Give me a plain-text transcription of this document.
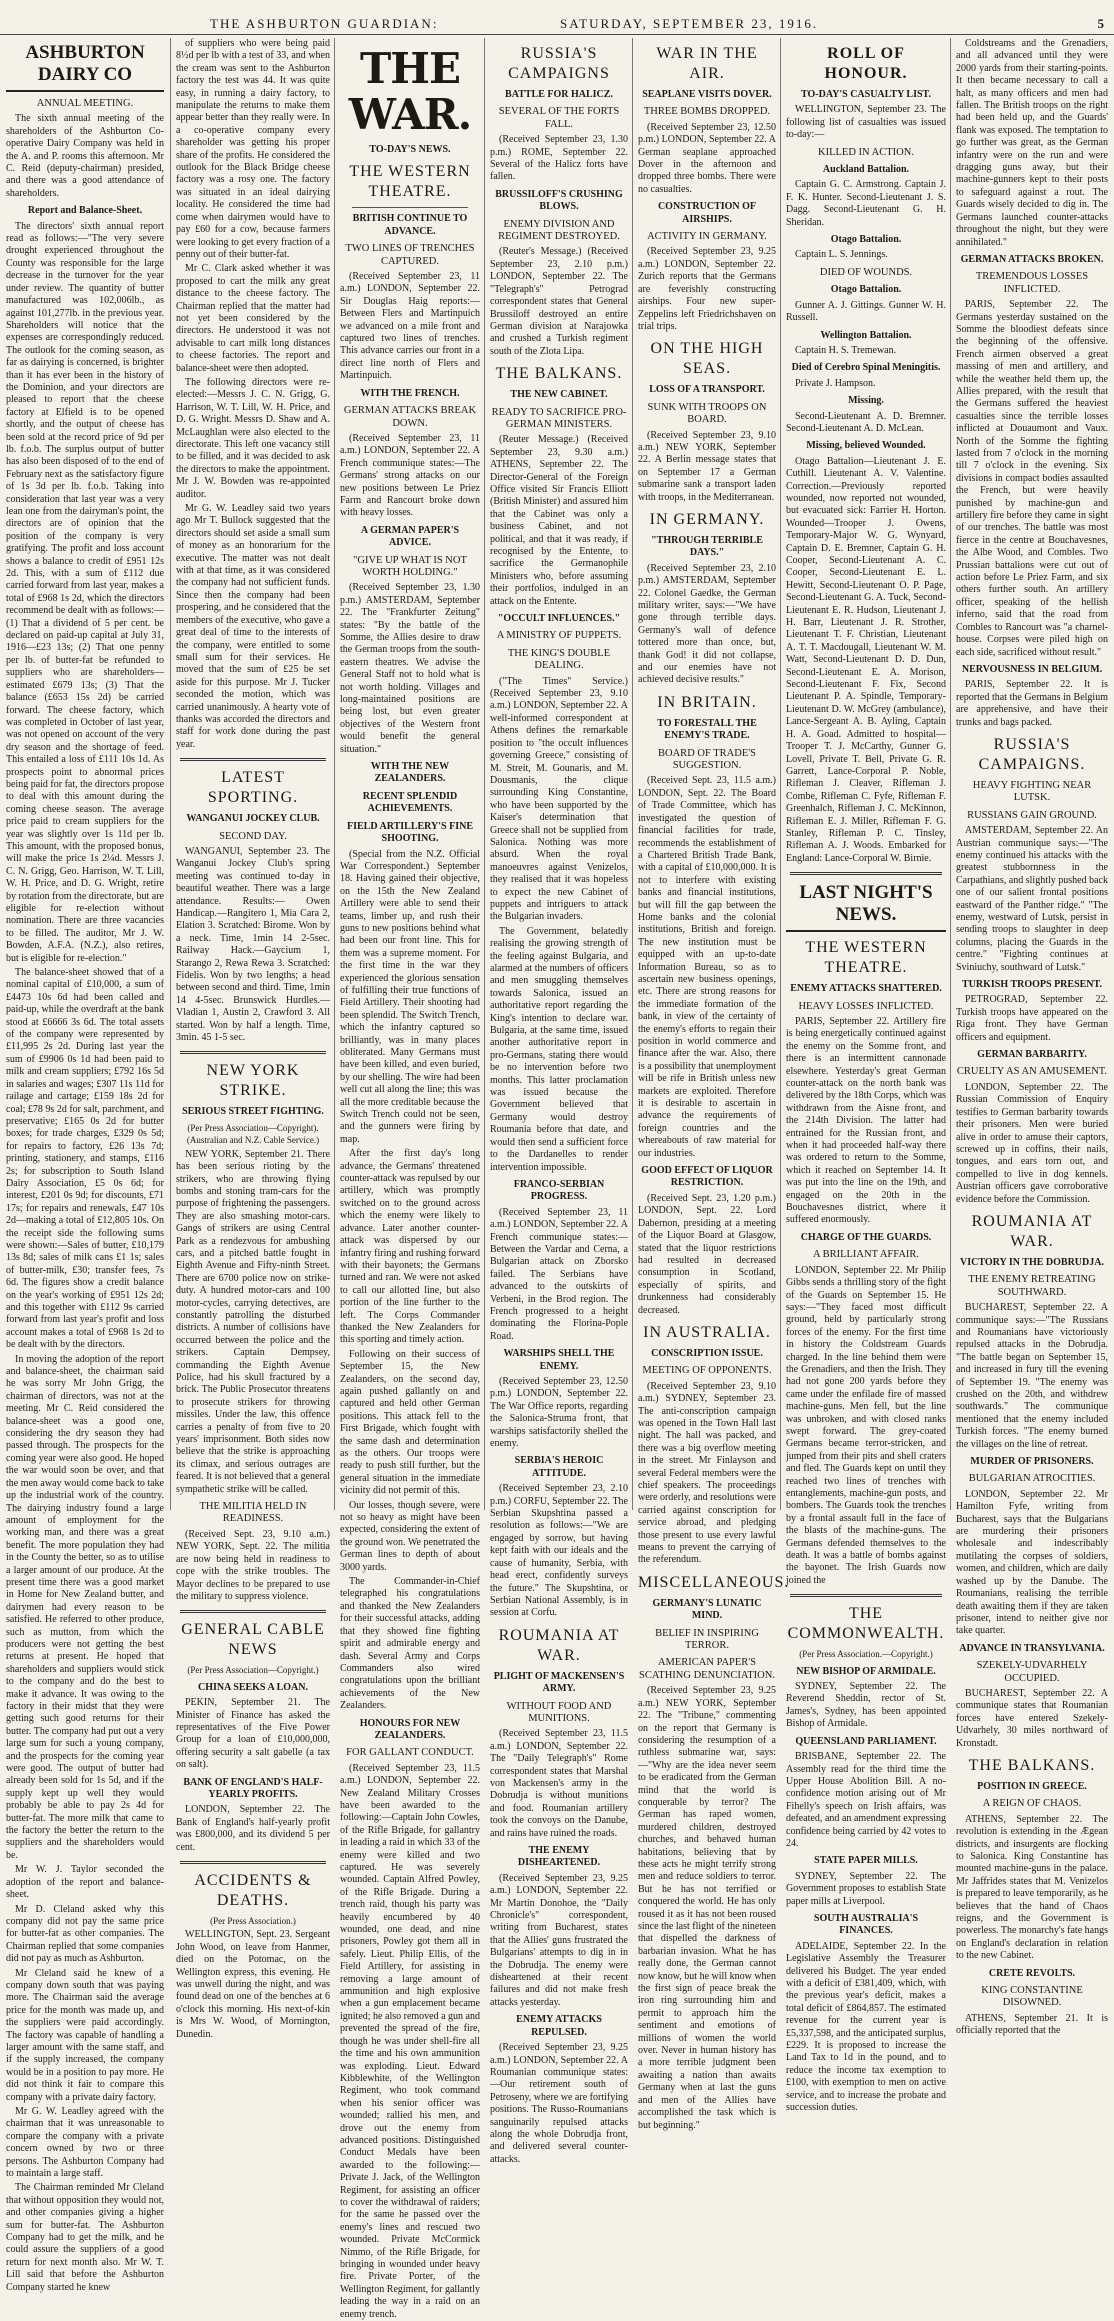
THE ASHBURTON GUARDIAN:	SATURDAY, SEPTEMBER 23, 1916.	5
ASHBURTON DAIRY CO
ANNUAL MEETING.

The sixth annual meeting of the shareholders of the Ashburton Co-operative Dairy Company was held in the A. and P. rooms this afternoon. Mr C. Reid (deputy-chairman) presided, and there was a good attendance of shareholders.

Report and Balance-Sheet.

The directors' sixth annual report read as follows:—"The very severe drought experienced throughout the County was responsible for the large decrease in the turnover for the year under review. The quantity of butter manufactured was 102,006lb., as against 101,277lb. in the previous year. Shareholders will notice that the expenses are correspondingly reduced. The outlook for the coming season, as far as dairying is concerned, is brighter than it has ever been in the history of the Dominion, and your directors are pleased to report that the cheese factory at Elfield is to be opened shortly, and the output of cheese has been sold at the record price of 9d per lb. f.o.b. The surplus output of butter has also been disposed of to the end of February next as the satisfactory figure of 1s 3d per lb. f.o.b. Taking into consideration that last year was a very lean one from the dairyman's point, the directors are of opinion that the position of the company is very gratifying. The profit and loss account shows a balance to credit of £951 12s 2d. This, with a sum of £112 due carried forward from last year, makes a total of £968 1s 2d, which the directors recommend be dealt with as follows:—(1) That a dividend of 5 per cent. be declared on paid-up capital at July 31, 1916—£23 13s; (2) That one penny per lb. of butter-fat be refunded to suppliers who are shareholders—estimated £679 13s; (3) That the balance (£653 15s 2d) be carried forward. The cheese factory, which was completed in October of last year, was not opened on account of the very dry season and the shortage of feed. This entailed a loss of £111 10s 1d. As prospects point to abnormal prices being paid for fat, the directors propose to deal with this amount during the coming cheese season. The average price paid to cream suppliers for the year was slightly over 1s 11d per lb. This amount, with the proposed bonus, will make the price 1s 2¼d. Messrs J. C. N. Grigg, Geo. Harrison, W. T. Lill, W. H. Price, and D. G. Wright, retire by rotation from the directorate, but are eligible for re-election without nomination. There are three vacancies to be filled. The auditor, Mr J. W. Bowden, A.F.A. (N.Z.), also retires, but is eligible for re-election."

The balance-sheet showed that of a nominal capital of £10,000, a sum of £4473 10s 6d had been called and paid-up, while the overdraft at the bank stood at £6666 3s 6d. The total assets of the company were represented by £11,995 2s 2d. During last year the sum of £9906 0s 1d had been paid to milk and cream suppliers; £792 16s 5d in salaries and wages; £307 11s 11d for railage and cartage; £159 18s 2d for coal; £78 9s 2d for salt, parchment, and preservative; £165 0s 2d for butter boxes; for trade charges, £329 0s 5d; for repairs to factory, £26 13s 7d; printing, stationery, and stamps, £116 2s; for subscription to South Island Dairy Association, £5 0s 6d; for interest, £201 0s 9d; for discounts, £71 17s; for repairs and renewals, £47 10s 2d—making a total of £12,805 10s. On the receipt side the following sums were shown:—Sales of butter, £10,179 13s 8d; sales of milk cans £1 1s; sales of butter-milk, £30; transfer fees, 7s 6d. The figures show a credit balance on the year's working of £951 12s 2d; and this together with £112 9s carried forward from last year's profit and loss account makes a total of £968 1s 2d to be dealt with by the directors.

In moving the adoption of the report and balance-sheet, the chairman said he was sorry Mr John Grigg, the chairman of directors, was not at the meeting. Mr C. Reid considered the balance-sheet was a good one, considering the dry season they had passed through. The prospects for the coming year were also good. He hoped the war would soon be over, and that the men away would come back to take up the industrial work of the country. The dairying industry found a large amount of employment for the working man, and there was a great benefit. The more population they had in the County the better, so as to utilise a larger amount of our produce. At the present time there was a good market in Home for New Zealand butter, and dairymen had every reason to be satisfied. He referred to other produce, such as mutton, from which the producers were not getting the best returns at present. He hoped that shareholders and suppliers would stick to the company and do the best to make it advance. It was owing to the factory in their midst that they were getting such good returns for their butter. The company had put out a very large sum for such a young company, and the prospects for the coming year were good. The output of butter had already been sold for 1s 5d, and if the supply kept up well they would probably be able to pay 2s 4d for butter-fat. The more milk that came to the factory the better the return to the suppliers and the shareholders would be.

Mr W. J. Taylor seconded the adoption of the report and balance-sheet.

Mr D. Cleland asked why this company did not pay the same price for butter-fat as other companies. The Chairman replied that some companies did not pay as much as Ashburton.

Mr Cleland said he knew of a company down south that was paying more. The Chairman said the average price for the month was made up, and the suppliers were paid accordingly. The factory was capable of handling a larger amount with the same staff, and if the supply increased, the company would be in a position to pay more. He did not think it fair to compare this company with a private dairy factory.

Mr G. W. Leadley agreed with the chairman that it was unreasonable to compare the company with a private concern owned by two or three persons. The Ashburton Company had to maintain a large staff.

The Chairman reminded Mr Cleland that without opposition they would not, and other companies giving a higher sum for butter-fat. The Ashburton Company had to get the milk, and he could assure the suppliers of a good return for next month also. Mr W. T. Lill said that before the Ashburton Company started he knew

of suppliers who were being paid 8½d per lb with a test of 33, and when the cream was sent to the Ashburton factory the test was 44. It was quite easy, in running a dairy factory, to manipulate the returns to make them appear better than they really were. In a co-operative company every shareholder was getting his proper share of the profits. He considered the outlook for the Black Bridge cheese factory was a rosy one. The factory was situated in an ideal dairying locality. He considered the time had come when dairymen would have to pay £60 for a cow, because farmers were looking to get every fraction of a penny out of their butter-fat.

Mr C. Clark asked whether it was proposed to cart the milk any great distance to the cheese factory. The Chairman replied that the matter had not yet been considered by the directors. He understood it was not advisable to cart milk long distances to cheese factories. The report and balance-sheet were then adopted.

The following directors were re-elected:—Messrs J. C. N. Grigg, G. Harrison, W. T. Lill, W. H. Price, and D. G. Wright. Messrs D. Shaw and A. McLaughlan were also elected to the directorate. This left one vacancy still to be filled, and it was decided to ask the directors to make the appointment. Mr J. W. Bowden was re-appointed auditor.

Mr G. W. Leadley said two years ago Mr T. Bullock suggested that the directors should set aside a small sum of money as an honorarium for the executive. The matter was not dealt with at that time, as it was considered the company had not sufficient funds. Since then the company had been prospering, and he considered that the members of the executive, who gave a great deal of time to the interests of the company, were entitled to some small sum for their services. He moved that the sum of £25 be set aside for this purpose. Mr J. Tucker seconded the motion, which was carried unanimously. A hearty vote of thanks was accorded the directors and staff for work done during the past year.

LATEST SPORTING.
WANGANUI JOCKEY CLUB.
SECOND DAY.

WANGANUI, September 23. The Wanganui Jockey Club's spring meeting was continued to-day in beautiful weather. There was a large attendance. Results:— Owen Handicap.—Rangitero 1, Mia Cara 2, Elation 3. Scratched: Birome. Won by a neck. Time, 1min 14 2-5sec. Railway Hack.—Gaycium 1, Starango 2, Rewa Rewa 3. Scratched: Fidelis. Won by two lengths; a head between second and third. Time, 1min 14 4-5sec. Brunswick Hurdles.—Vladian 1, Austin 2, Crawford 3. All started. Won by half a length. Time, 3min. 45 1-5 sec.

NEW YORK STRIKE.
SERIOUS STREET FIGHTING.
(Per Press Association—Copyright). (Australian and N.Z. Cable Service.)

NEW YORK, September 21. There has been serious rioting by the strikers, who are throwing flying bombs and stoning tram-cars for the purpose of frightening the passengers. They are also smashing motor-cars. Gangs of strikers are using Central Park as a rendezvous for ambushing cars, and a pitched battle fought in Eighth Avenue and Fifty-ninth Street. There are 6700 police now on strike-duty. A hundred motor-cars and 100 motor-cycles, carrying detectives, are constantly patrolling the disturbed districts. A number of collisions have occurred between the police and the strikers. Captain Dempsey, commanding the Eighth Avenue Police, had his skull fractured by a brick. The Public Prosecutor threatens to prosecute strikers for throwing missiles. Under the law, this offence carries a penalty of from five to 20 years' imprisonment. Both sides now believe that the strike is approaching its climax, and serious outrages are feared. It is not believed that a general sympathetic strike will be called.

THE MILITIA HELD IN READINESS.

(Received Sept. 23, 9.10 a.m.) NEW YORK, Sept. 22. The militia are now being held in readiness to cope with the strike troubles. The Mayor declines to be prepared to use the military to suppress violence.

GENERAL CABLE NEWS
(Per Press Association—Copyright.)
CHINA SEEKS A LOAN.

PEKIN, September 21. The Minister of Finance has asked the representatives of the Five Power Group for a loan of £10,000,000, offering security a salt gabelle (a tax on salt).

BANK OF ENGLAND'S HALF-YEARLY PROFITS.

LONDON, September 22. The Bank of England's half-yearly profit was £800,000, and its dividend 5 per cent.

ACCIDENTS & DEATHS.
(Per Press Association.)

WELLINGTON, Sept. 23. Sergeant John Wood, on leave from Hanmer, died on the Potomac, on the Wellington express, this evening. He was unwell during the night, and was found dead on one of the benches at 6 o'clock this morning. His next-of-kin is Mrs W. Wood, of Mornington, Dunedin.

THE WAR.
TO-DAY'S NEWS.
THE WESTERN THEATRE.
BRITISH CONTINUE TO ADVANCE.
TWO LINES OF TRENCHES CAPTURED.

(Received September 23, 11 a.m.) LONDON, September 22. Sir Douglas Haig reports:—Between Flers and Martinpuich we advanced on a mile front and captured two lines of trenches. This advance carries our front in a direct line north of Flers and Martinpuich.

WITH THE FRENCH.
GERMAN ATTACKS BREAK DOWN.

(Received September 23, 11 a.m.) LONDON, September 22. A French communique states:—The Germans' strong attacks on our new positions between Le Priez Farm and Rancourt broke down with heavy losses.

A GERMAN PAPER'S ADVICE.
"GIVE UP WHAT IS NOT WORTH HOLDING."

(Received September 23, 1.30 p.m.) AMSTERDAM, September 22. The "Frankfurter Zeitung" states: "By the battle of the Somme, the Allies desire to draw the German troops from the south-eastern theatres. We advise the General Staff not to hold what is not worth holding. Villages and long-maintained positions are being lost, but even greater objectives of the Western front would benefit the general situation."

WITH THE NEW ZEALANDERS.
RECENT SPLENDID ACHIEVEMENTS.
FIELD ARTILLERY'S FINE SHOOTING.

(Special from the N.Z. Official War Correspondent.) September 18. Having gained their objective, on the 15th the New Zealand Artillery were able to send their teams, limber up, and rush their guns to new positions behind what had been our front line. This for them was a supreme moment. For the first time in the war they experienced the glorious sensation of fulfilling their true functions of Field Artillery. Their shooting had been splendid. The Switch Trench, which the infantry captured so brilliantly, was in many places obliterated. Many Germans must have been killed, and even buried, by our shelling. The wire had been well cut all along the line; this was all the more creditable because the Switch Trench could not be seen, and the gunners were firing by map.

After the first day's long advance, the Germans' threatened counter-attack was repulsed by our artillery, which was promptly switched on to the ground across which the enemy were likely to advance. Later another counter-attack was dispersed by our infantry firing and rushing forward with their bayonets; the Germans turned and ran. We were not asked to call our allotted line, but also portion of the line further to the left. The Corps Commander thanked the New Zealanders for this sporting and timely action.

Following on their success of September 15, the New Zealanders, on the second day, again pushed gallantly on and captured and held other German positions. This attack fell to the First Brigade, which fought with the same dash and determination as the others. Our troops were ready to push still further, but the general situation in the immediate vicinity did not permit of this.

Our losses, though severe, were not so heavy as might have been expected, considering the extent of the ground won. We penetrated the German lines to depth of about 3000 yards.

The Commander-in-Chief telegraphed his congratulations and thanked the New Zealanders for their successful attacks, adding that they showed fine fighting spirit and admirable energy and dash. Several Army and Corps Commanders also wired congratulations upon the brilliant achievements of the New Zealanders.

HONOURS FOR NEW ZEALANDERS.
FOR GALLANT CONDUCT.

(Received September 23, 11.5 a.m.) LONDON, September 22. New Zealand Military Crosses have been awarded to the following:—Captain John Cowles, of the Rifle Brigade, for gallantry in leading a raid in which 33 of the enemy were killed and two captured. He was severely wounded. Captain Alfred Powley, of the Rifle Brigade. During a trench raid, though his party was heavily encumbered by 40 wounded, one dead, and nine prisoners, Powley got them all in safely. Lieut. Philip Ellis, of the Field Artillery, for assisting in removing a large amount of ammunition and high explosive when a gun emplacement became ignited; he also removed a gun and prevented the spread of the fire, though he was under shell-fire all the time and his own ammunition was exploding. Lieut. Edward Kibblewhite, of the Wellington Regiment, who took command when his senior officer was wounded; rallied his men, and drove out the enemy from advanced positions. Distinguished Conduct Medals have been awarded to the following:—Private J. Jack, of the Wellington Regiment, for assisting an officer to cover the withdrawal of raiders; for the same he passed over the enemy's lines and rescued two wounded. Private McCormick Nimmo, of the Rifle Brigade, for bringing in wounded under heavy fire. Private Porter, of the Wellington Regiment, for gallantly leading the way in a raid on an enemy trench.

RUSSIA'S CAMPAIGNS
BATTLE FOR HALICZ.
SEVERAL OF THE FORTS FALL.

(Received September 23, 1.30 p.m.) ROME, September 22. Several of the Halicz forts have fallen.

BRUSSILOFF'S CRUSHING BLOWS.
ENEMY DIVISION AND REGIMENT DESTROYED.

(Reuter's Message.) (Received September 23, 2.10 p.m.) LONDON, September 22. The "Telegraph's" Petrograd correspondent states that General Brussiloff destroyed an entire German division at Narajowka and crushed a Turkish regiment south of the Zlota Lipa.

THE BALKANS.
THE NEW CABINET.
READY TO SACRIFICE PRO-GERMAN MINISTERS.

(Reuter Message.) (Received September 23, 9.30 a.m.) ATHENS, September 22. The Director-General of the Foreign Office visited Sir Francis Elliott (British Minister) and assured him that the Cabinet was only a business Cabinet, and not political, and that it was ready, if recognised by the Entente, to sacrifice the Germanophile Ministers who, before assuming their portfolios, indulged in an attack on the Entente.

"OCCULT INFLUENCES."
A MINISTRY OF PUPPETS.
THE KING'S DOUBLE DEALING.

("The Times" Service.) (Received September 23, 9.10 a.m.) LONDON, September 22. A well-informed correspondent at Athens defines the remarkable position to "the occult influences governing Greece," consisting of M. Streit, M. Gounaris, and M. Dousmanis, the clique surrounding King Constantine, who have been supported by the Kaiser's determination that Greece shall not be supplied from Salonica. Nothing was more absurd. When the royal manoeuvres against Venizelos, they realised that it was hopeless to expect the new Cabinet of puppets and intriguers to attack the Bulgarian invaders.

The Government, belatedly realising the growing strength of the feeling against Bulgaria, and alarmed at the numbers of officers and men smuggling themselves towards Salonica, issued an authoritative report regarding the King's intention to declare war. Bulgaria, at the same time, issued another authoritative report in pro-Germans, stating there would be no intervention before two months. This latter proclamation was issued because the Government believed that Germany would destroy Roumania before that date, and would then send a sufficient force to the Dardanelles to render intervention impossible.

FRANCO-SERBIAN PROGRESS.

(Received September 23, 11 a.m.) LONDON, September 22. A French communique states:—Between the Vardar and Cerna, a Bulgarian attack on Zborsko failed. The Serbians have advanced to the outskirts of Verbeni, in the Brod region. The French progressed to a height dominating the Florina-Pople Road.

WARSHIPS SHELL THE ENEMY.

(Received September 23, 12.50 p.m.) LONDON, September 22. The War Office reports, regarding the Salonica-Struma front, that warships satisfactorily shelled the enemy.

SERBIA'S HEROIC ATTITUDE.

(Received September 23, 2.10 p.m.) CORFU, September 22. The Serbian Skupshtina passed a resolution as follows:—"We are engaged by sorrow, but having kept faith with our ideals and the cause of humanity, Serbia, with head erect, confidently surveys the future." The Skupshtina, or Serbian National Assembly, is in session at Corfu.

ROUMANIA AT WAR.
PLIGHT OF MACKENSEN'S ARMY.
WITHOUT FOOD AND MUNITIONS.

(Received September 23, 11.5 a.m.) LONDON, September 22. The "Daily Telegraph's" Rome correspondent states that Marshal von Mackensen's army in the Dobrudja is without munitions and food. Roumanian artillery took the convoys on the Danube, and rains have ruined the roads.

THE ENEMY DISHEARTENED.

(Received September 23, 9.25 a.m.) LONDON, September 22. Mr Martin Donohoe, the "Daily Chronicle's" correspondent, writing from Bucharest, states that the Allies' guns frustrated the Bulgarians' attempts to dig in in the Dobrudja. The enemy were disheartened at their recent failures and did not make fresh attacks yesterday.

ENEMY ATTACKS REPULSED.

(Received September 23, 9.25 a.m.) LONDON, September 22. A Roumanian communique states:—Our retirement south of Petroseny, where we are fortifying positions. The Russo-Roumanians sanguinarily repulsed attacks along the whole Dobrudja front, and delivered several counter-attacks.

WAR IN THE AIR.
SEAPLANE VISITS DOVER.
THREE BOMBS DROPPED.

(Received September 23, 12.50 p.m.) LONDON, September 22. A German seaplane approached Dover in the afternoon and dropped three bombs. There were no casualties.

CONSTRUCTION OF AIRSHIPS.
ACTIVITY IN GERMANY.

(Received September 23, 9.25 a.m.) LONDON, September 22. Zurich reports that the Germans are feverishly constructing airships. Four new super-Zeppelins left Friedrichshaven on trial trips.

ON THE HIGH SEAS.
LOSS OF A TRANSPORT.
SUNK WITH TROOPS ON BOARD.

(Received September 23, 9.10 a.m.) NEW YORK, September 22. A Berlin message states that on September 17 a German submarine sank a transport laden with troops, in the Mediterranean.

IN GERMANY.
"THROUGH TERRIBLE DAYS."

(Received September 23, 2.10 p.m.) AMSTERDAM, September 22. Colonel Gaedke, the German military writer, says:—"We have gone through terrible days. Germany's wall of defence tottered more than once, but, thank God! it did not collapse, and our enemies have not achieved decisive results."

IN BRITAIN.
TO FORESTALL THE ENEMY'S TRADE.
BOARD OF TRADE'S SUGGESTION.

(Received Sept. 23, 11.5 a.m.) LONDON, Sept. 22. The Board of Trade Committee, which has investigated the question of financial facilities for trade, recommends the establishment of a Chartered British Trade Bank, with a capital of £10,000,000. It is not to interfere with existing banks and financial institutions, but will fill the gap between the Home banks and the colonial institutions, British and foreign. The new institution must be equipped with an up-to-date Information Bureau, so as to ascertain new business openings, etc. There are strong reasons for the immediate formation of the bank, in view of the certainty of the enemy's efforts to regain their position in world commerce and finance after the war. Also, there is a possibility that unemployment will be rife in British unless new markets are exploited. Therefore it is desirable to ascertain in advance the requirements of foreign countries and the whereabouts of raw material for our industries.

GOOD EFFECT OF LIQUOR RESTRICTION.

(Received Sept. 23, 1.20 p.m.) LONDON, Sept. 22. Lord Dabernon, presiding at a meeting of the Liquor Board at Glasgow, stated that the liquor restrictions had resulted in decreased consumption in Scotland, especially of spirits, and drunkenness had considerably decreased.

IN AUSTRALIA.
CONSCRIPTION ISSUE.
MEETING OF OPPONENTS.

(Received September 23, 9.10 a.m.) SYDNEY, September 23. The anti-conscription campaign was opened in the Town Hall last night. The hall was packed, and there was a big overflow meeting in the street. Mr Finlayson and several Federal members were the chief speakers. The proceedings were orderly, and resolutions were carried against conscription for service abroad, and pledging those present to use every lawful means to prevent the carrying of the referendum.

MISCELLANEOUS.
GERMANY'S LUNATIC MIND.
BELIEF IN INSPIRING TERROR.
AMERICAN PAPER'S SCATHING DENUNCIATION.

(Received September 23, 9.25 a.m.) NEW YORK, September 22. The "Tribune," commenting on the report that Germany is considering the resumption of a ruthless submarine war, says:—"Why are the idea never seem to be eradicated from the German mind that the world is conquerable by terror? The German has raped women, murdered children, destroyed churches, and behaved human habitations, believing that by these acts he might terrify strong men and reduce soldiers to terror. But he has not terrified or conquered the world. He has only roused it as it has not been roused since the last flight of the nineteen that dispelled the darkness of barbarian invasion. What he has really done, the German cannot now know, but he will know when the first sign of peace break the iron ring surrounding him and permit to approach him the sentiment and emotions of millions of women the world over. Never in human history has a more terrible judgment been awaiting a nation than awaits Germany when at last the guns and men of the Allies have accomplished the task which is but beginning."

ROLL OF HONOUR.
TO-DAY'S CASUALTY LIST.

WELLINGTON, September 23. The following list of casualties was issued to-day:—

KILLED IN ACTION.
Auckland Battalion.

Captain G. C. Armstrong. Captain J. F. K. Hunter. Second-Lieutenant J. S. Dagg. Second-Lieutenant G. H. Sheridan.

Otago Battalion.

Captain L. S. Jennings.

DIED OF WOUNDS.
Otago Battalion.

Gunner A. J. Gittings. Gunner W. H. Russell.

Wellington Battalion.

Captain H. S. Tremewan.

Died of Cerebro Spinal Meningitis.

Private J. Hampson.

Missing.

Second-Lieutenant A. D. Bremner. Second-Lieutenant A. D. McLean.

Missing, believed Wounded.

Otago Battalion—Lieutenant J. E. Cuthill. Lieutenant A. V. Valentine. Correction.—Previously reported wounded, now reported not wounded, but evacuated sick: Farrier H. Horton. Wounded—Trooper J. Owens, Temporary-Major W. G. Wynyard, Captain D. E. Bremner, Captain G. H. Cooper, Second-Lieutenant A. C. Cooper, Second-Lieutenant E. L. Hewitt, Second-Lieutenant O. P. Page, Second-Lieutenant G. A. Tuck, Second-Lieutenant E. R. Hudson, Lieutenant J. H. Barr, Lieutenant J. R. Strother, Lieutenant T. F. Christian, Lieutenant A. T. T. Macdougall, Lieutenant W. M. Watt, Second-Lieutenant D. D. Dun, Second-Lieutenant E. A. Morison, Second-Lieutenant F. Fix, Second Lieutenant P. A. Spindle, Temporary-Lieutenant D. W. McGrey (ambulance), Lance-Sergeant A. B. Ayling, Captain H. A. Goad. Admitted to hospital—Trooper T. J. McCarthy, Gunner G. Lovell, Private T. Bell, Private G. R. Garrett, Lance-Corporal P. Noble, Rifleman J. Cleaver, Rifleman J. Combe, Rifleman C. Fyfe, Rifleman F. Greenhalch, Rifleman J. C. McKinnon, Rifleman E. J. Miller, Rifleman F. G. Stanley, Rifleman P. C. Tinsley, Rifleman A. J. Woods. Embarked for England: Lance-Corporal W. Birnie.

LAST NIGHT'S NEWS.
THE WESTERN THEATRE.
ENEMY ATTACKS SHATTERED.
HEAVY LOSSES INFLICTED.

PARIS, September 22. Artillery fire is being energetically continued against the enemy on the Somme front, and there is an intermittent cannonade elsewhere. Yesterday's great German counter-attack on the north bank was delivered by the 18th Corps, which was withdrawn from the Aisne front, and the 214th Division. The latter had entrained for the Russian front, and when it had proceeded half-way there was ordered to return to the Somme, which it reached on September 14. It was put into the line on the 19th, and engaged on the 20th in the Bouchavesnes district, where it suffered enormously.

CHARGE OF THE GUARDS.
A BRILLIANT AFFAIR.

LONDON, September 22. Mr Philip Gibbs sends a thrilling story of the fight of the Guards on September 15. He says:—"They faced most difficult ground, held by particularly strong forces of the enemy. For the first time in history the Coldstream Guards charged. In the line behind them were the Grenadiers, and then the Irish. They had not gone 200 yards before they came under the enfilade fire of massed machine-guns. Men fell, but the line was unbroken, and with closed ranks swept forward. The grey-coated Germans became terror-stricken, and jumped from their pits and shell craters and fled. The Guards kept on until they reached two lines of trenches with entanglements, machine-gun posts, and bombers. The Guards took the trenches by a frontal assault full in the face of the blasts of the machine-guns. The Germans defended themselves to the death. It was a battle of bombs against the bayonet. The Irish Guards now joined the

THE COMMONWEALTH.
(Per Press Association.—Copyright.)
NEW BISHOP OF ARMIDALE.

SYDNEY, September 22. The Reverend Sheddin, rector of St. James's, Sydney, has been appointed Bishop of Armidale.

QUEENSLAND PARLIAMENT.

BRISBANE, September 22. The Assembly read for the third time the Upper House Abolition Bill. A no-confidence motion arising out of Mr Fihelly's speech on Irish affairs, was defeated, and an amendment expressing confidence being carried by 42 votes to 24.

STATE PAPER MILLS.

SYDNEY, September 22. The Government proposes to establish State paper mills at Liverpool.

SOUTH AUSTRALIA'S FINANCES.

ADELAIDE, September 22. In the Legislative Assembly the Treasurer delivered his Budget. The year ended with a deficit of £381,409, which, with the previous year's deficit, makes a total deficit of £864,857. The estimated revenue for the current year is £5,337,598, and the anticipated surplus, £229. It is proposed to increase the Land Tax to 1d in the pound, and to reduce the income tax exemption to £100, with exemption to men on active service, and to increase the probate and succession duties.

Coldstreams and the Grenadiers, and all advanced until they were 2000 yards from their starting-points. It then became necessary to call a halt, as many officers and men had fallen. The British troops on the right had been held up, and the Guards' flank was exposed. The temptation to go further was great, as the German infantry were on the run and were dragging guns away, but their machine-gunners kept to their posts to safeguard against a rout. The Guards wisely decided to dig in. The Germans launched counter-attacks throughout the night, but they were annihilated."

GERMAN ATTACKS BROKEN.
TREMENDOUS LOSSES INFLICTED.

PARIS, September 22. The Germans yesterday sustained on the Somme the bloodiest defeats since the beginning of the offensive. French airmen observed a great massing of men and artillery, and while the weather held them up, the Allies prepared, with the result that the Germans suffered the heaviest casualties since the terrible losses inflicted at Douaumont and Vaux. North of the Somme the fighting lasted from 7 o'clock in the morning till 7 o'clock in the evening. Six divisions in compact bodies assaulted the French, but were heavily punished by machine-gun and artillery fire before they came in sight of our trenches. The battle was most fierce in the centre at Bouchavesnes, the Albe Wood, and Combles. Two Prussian battalions were cut out of action before Le Priez Farm, and six others further south. An artillery officer, speaking of the hellish inferno, said that the road from Combles to Rancourt was "a charnel-house. Corpses were piled high on each side, sacrificed without result."

NERVOUSNESS IN BELGIUM.

PARIS, September 22. It is reported that the Germans in Belgium are apprehensive, and have their trunks and bags packed.

RUSSIA'S CAMPAIGNS.
HEAVY FIGHTING NEAR LUTSK.
RUSSIANS GAIN GROUND.

AMSTERDAM, September 22. An Austrian communique says:—"The enemy continued his attacks with the greatest stubbornness in the Carpathians, and slightly pushed back one of our salient frontal positions eastward of the Panther ridge." "The enemy, westward of Lutsk, persist in sending troops to slaughter in deep columns, placing the Guards in the centre." "Fighting continues at Sviniuchy, southward of Lutsk."

TURKISH TROOPS PRESENT.

PETROGRAD, September 22. Turkish troops have appeared on the Riga front. They have German officers and equipment.

GERMAN BARBARITY.
CRUELTY AS AN AMUSEMENT.

LONDON, September 22. The Russian Commission of Enquiry testifies to German barbarity towards their prisoners. Men were buried alive in order to amuse their captors, screwed up in coffins, their nails, tongues, and ears torn out, and compelled to live in dog kennels. Austrian officers gave corroborative evidence before the Commission.

ROUMANIA AT WAR.
VICTORY IN THE DOBRUDJA.
THE ENEMY RETREATING SOUTHWARD.

BUCHAREST, September 22. A communique says:—"The Russians and Roumanians have victoriously repulsed attacks in the Dobrudja. "The battle began on September 15, and increased in fury till the evening of September 19. "The enemy was crushed on the 20th, and withdrew southwards." The communique mentioned that the enemy included Turkish forces. "The enemy burned the villages on the line of retreat.

MURDER OF PRISONERS.
BULGARIAN ATROCITIES.

LONDON, September 22. Mr Hamilton Fyfe, writing from Bucharest, says that the Bulgarians are murdering their prisoners wholesale and indescribably mutilating the corpses of soldiers, women, and children, which are daily washed up by the Danube. The Roumanians, realising the terrible death awaiting them if they are taken prisoner, intend to neither give nor take quarter.

ADVANCE IN TRANSYLVANIA.
SZEKELY-UDVARHELY OCCUPIED.

BUCHAREST, September 22. A communique states that Roumanian forces have entered Szekely-Udvarhely, 30 miles northward of Kronstadt.

THE BALKANS.
POSITION IN GREECE.
A REIGN OF CHAOS.

ATHENS, September 22. The revolution is extending in the Ægean districts, and insurgents are flocking to Salonica. King Constantine has mounted machine-guns in the palace. Mr Jaffrides states that M. Venizelos is prepared to leave temporarily, as he believes that the hand of Chaos reigns, and the Government is powerless. The monarchy's fate hangs on England's declaration in relation to the new Cabinet.

CRETE REVOLTS.
KING CONSTANTINE DISOWNED.

ATHENS, September 21. It is officially reported that the
